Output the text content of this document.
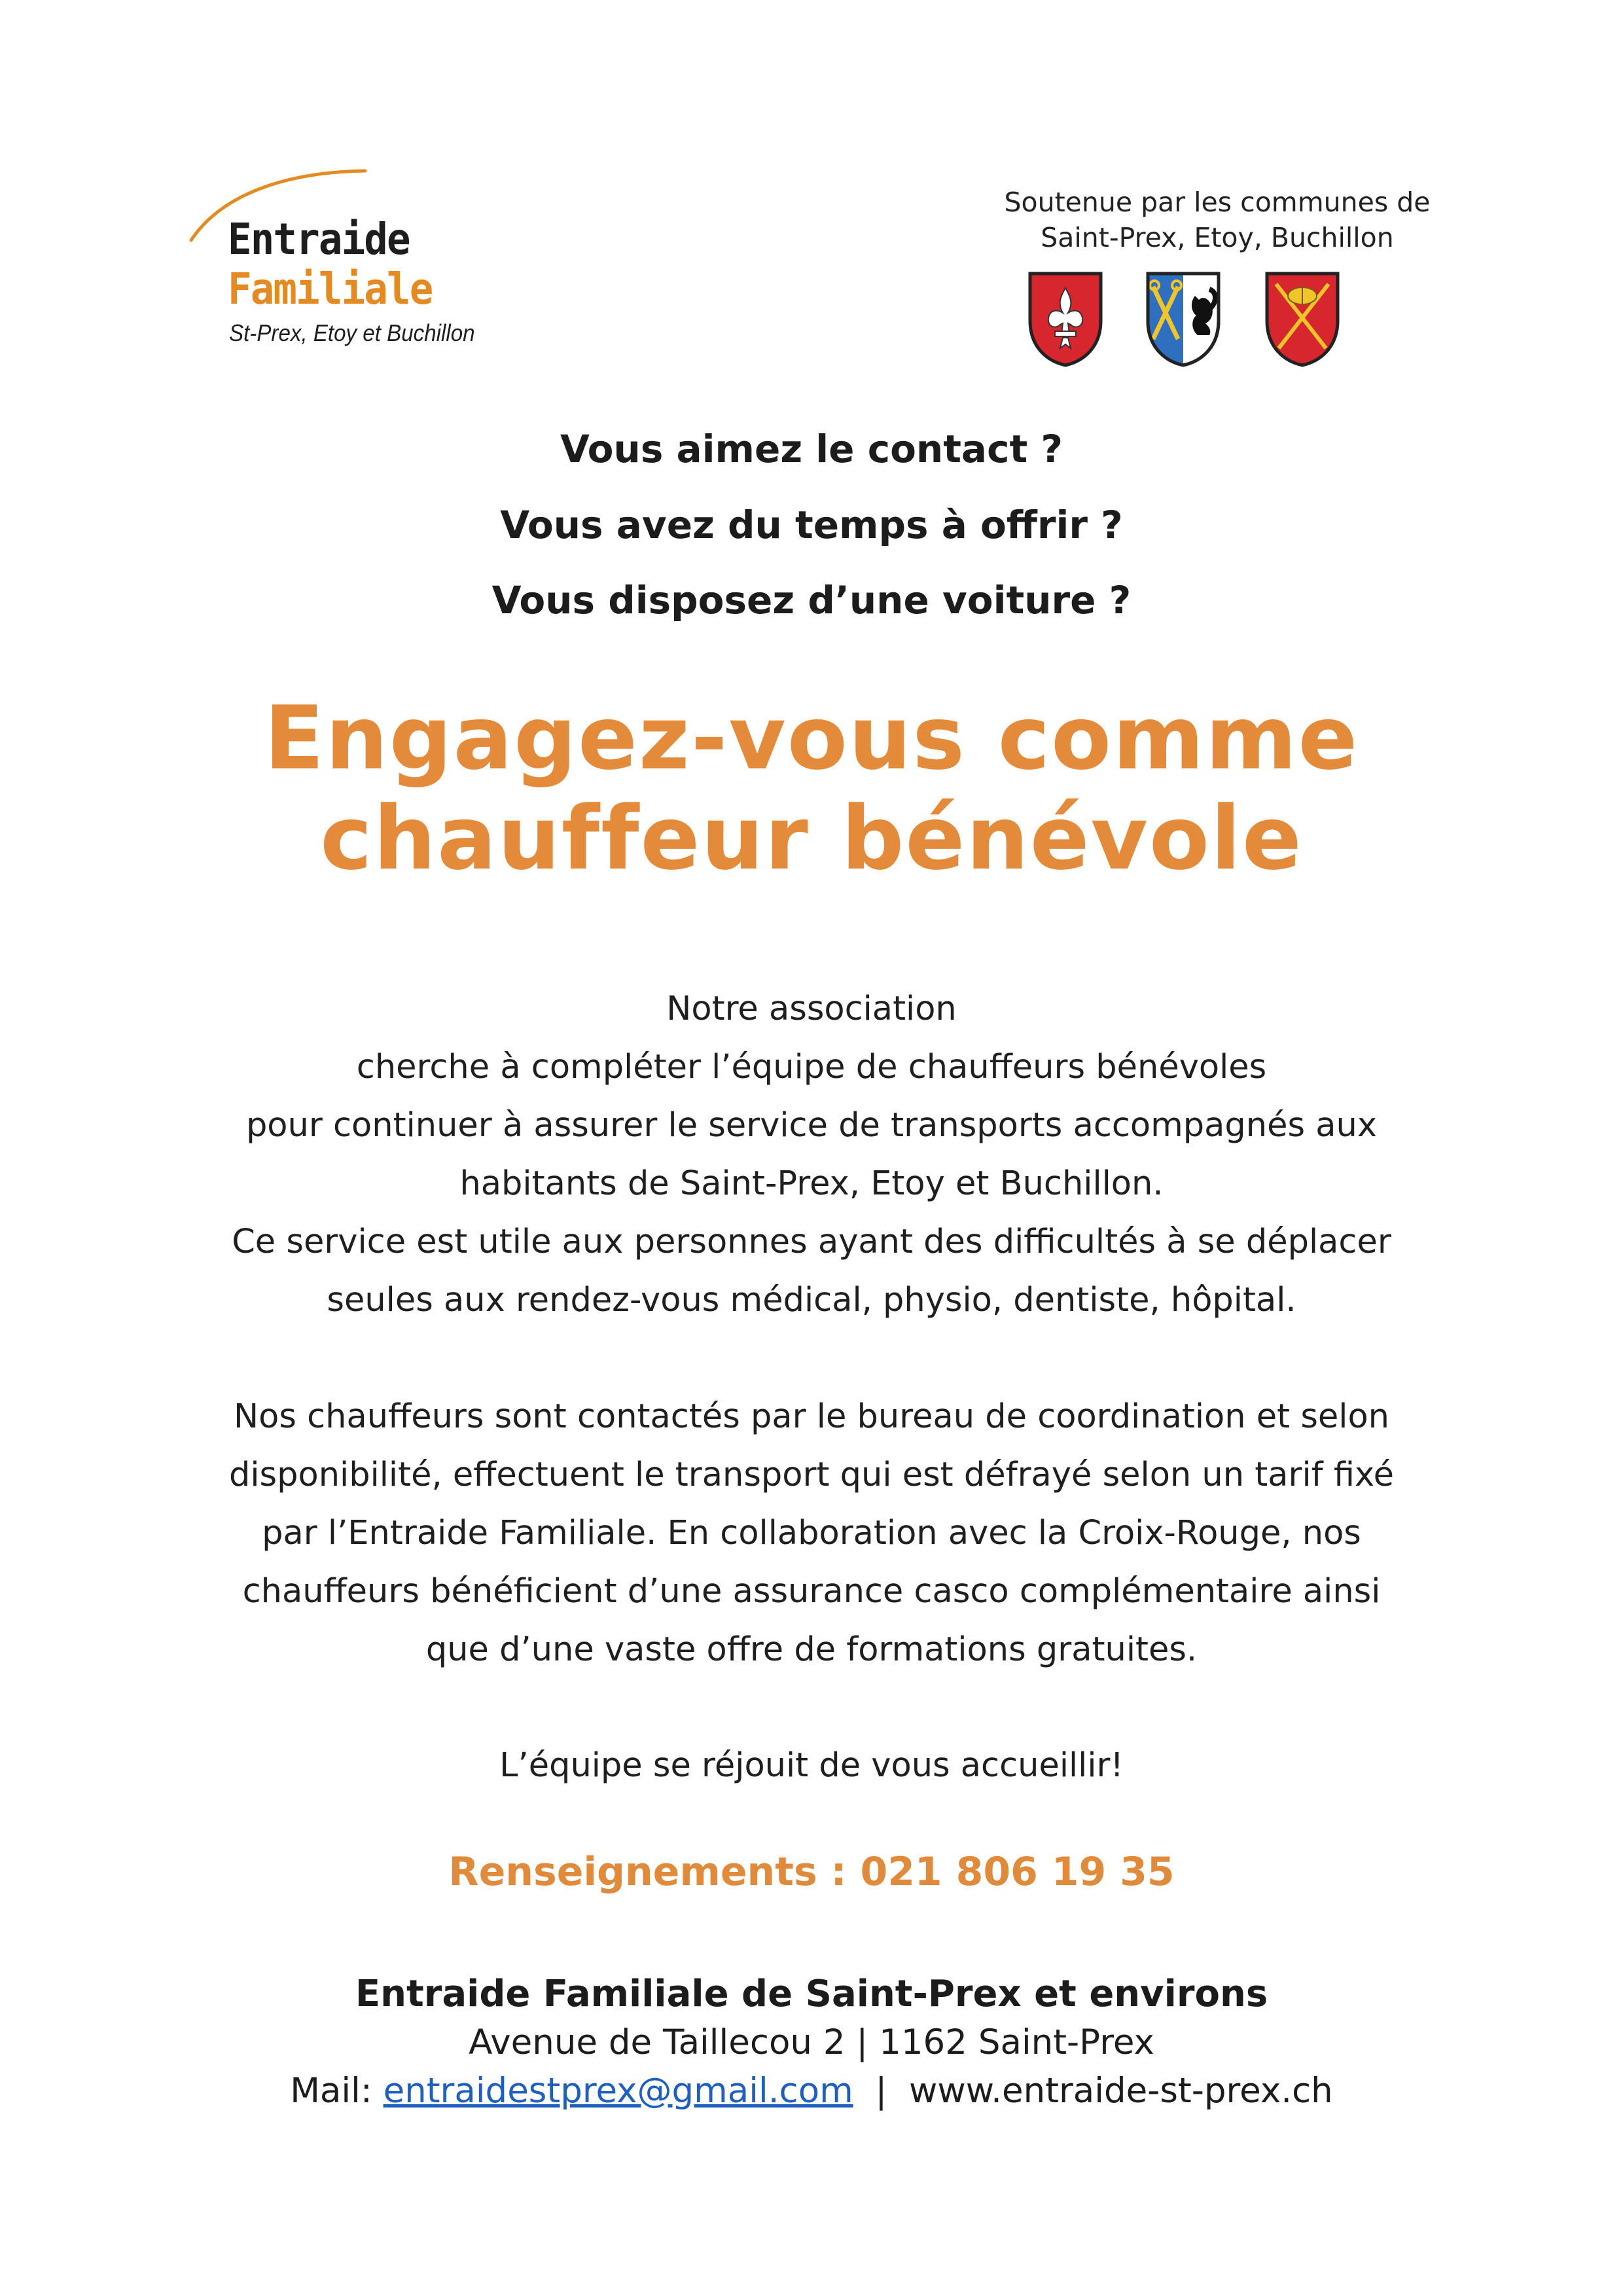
Entraide
Familiale
St-Prex, Etoy et Buchillon
Soutenue par les communes de
Saint-Prex, Etoy, Buchillon
Vous aimez le contact ?
Vous avez du temps à offrir ?
Vous disposez d’une voiture ?
Engagez-vous comme
chauffeur bénévole
Notre association
cherche à compléter l’équipe de chauffeurs bénévoles
pour continuer à assurer le service de transports accompagnés aux
habitants de Saint-Prex, Etoy et Buchillon.
Ce service est utile aux personnes ayant des difficultés à se déplacer
seules aux rendez-vous médical, physio, dentiste, hôpital.
Nos chauffeurs sont contactés par le bureau de coordination et selon
disponibilité, effectuent le transport qui est défrayé selon un tarif fixé
par l’Entraide Familiale. En collaboration avec la Croix-Rouge, nos
chauffeurs bénéficient d’une assurance casco complémentaire ainsi
que d’une vaste offre de formations gratuites.
L’équipe se réjouit de vous accueillir!
Renseignements : 021 806 19 35
Entraide Familiale de Saint-Prex et environs
Avenue de Taillecou 2 | 1162 Saint-Prex
Mail: entraidestprex@gmail.com  |  www.entraide-st-prex.ch
